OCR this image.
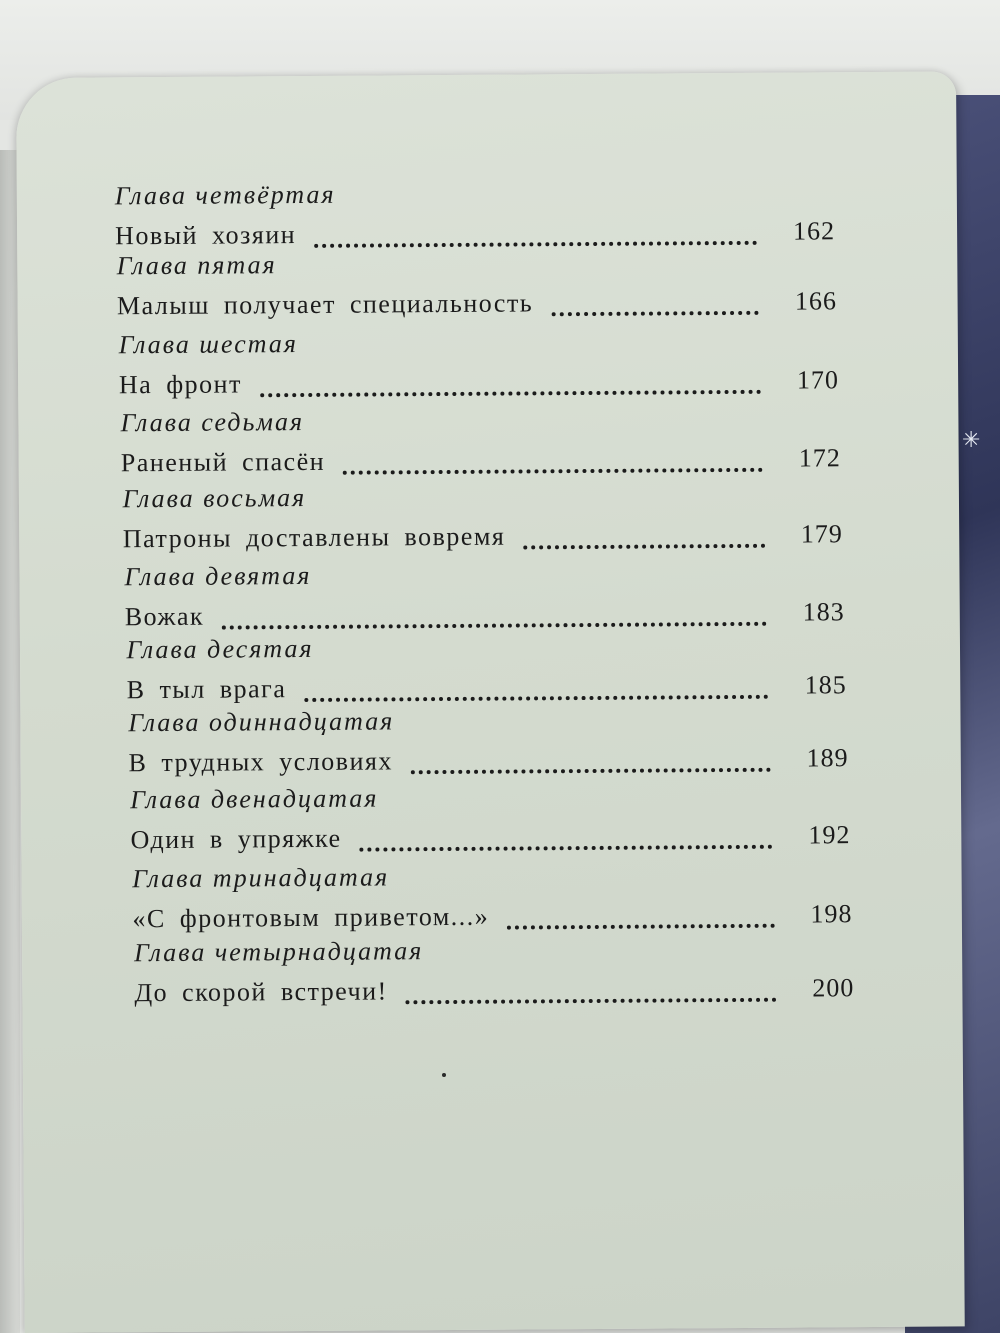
✳
Глава четвёртая
Новый хозяин	162
Глава пятая
Малыш получает специальность	166
Глава шестая
На фронт	170
Глава седьмая
Раненый спасён	172
Глава восьмая
Патроны доставлены вовремя	179
Глава девятая
Вожак	183
Глава десятая
В тыл врага	185
Глава одиннадцатая
В трудных условиях	189
Глава двенадцатая
Один в упряжке	192
Глава тринадцатая
«С фронтовым приветом...»	198
Глава четырнадцатая
До скорой встречи!	200
